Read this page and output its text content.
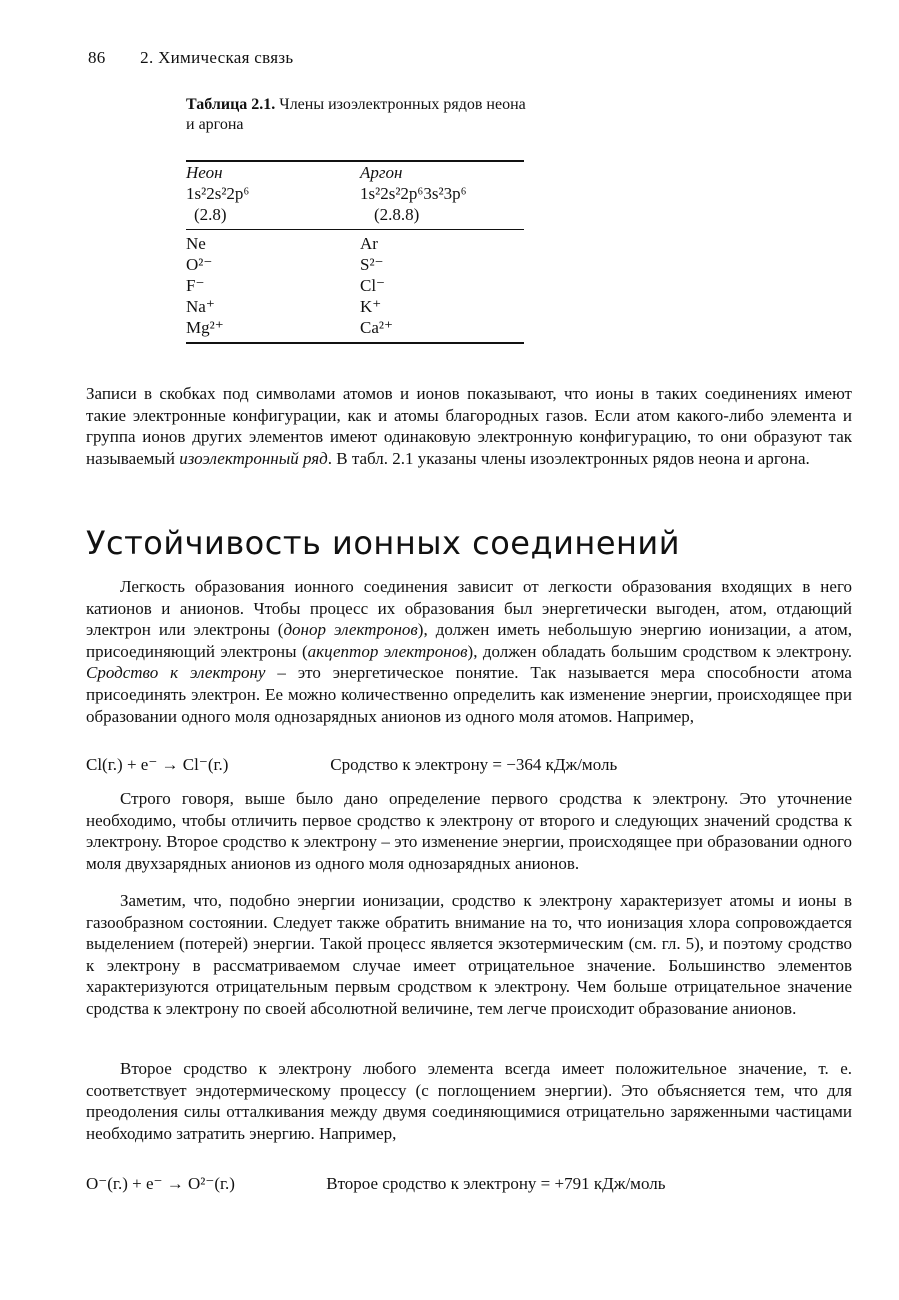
86 2. Химическая связь
Таблица 2.1. Члены изоэлектронных рядов неона и аргона
Неон	Аргон
1s²2s²2p⁶	1s²2s²2p⁶3s²3p⁶
(2.8)	(2.8.8)
Ne	Ar
O²⁻	S²⁻
F⁻	Cl⁻
Na⁺	K⁺
Mg²⁺	Ca²⁺

Записи в скобках под символами атомов и ионов показывают, что ионы в таких соединениях имеют такие электронные конфигурации, как и атомы благородных газов. Если атом какого-либо элемента и группа ионов других элементов имеют одинаковую электронную конфигурацию, то они образуют так называемый изоэлектронный ряд. В табл. 2.1 указаны члены изоэлектронных рядов неона и аргона.

Устойчивость ионных соединений

Легкость образования ионного соединения зависит от легкости образования входящих в него катионов и анионов. Чтобы процесс их образования был энергетически выгоден, атом, отдающий электрон или электроны (донор электронов), должен иметь небольшую энергию ионизации, а атом, присоединяющий электроны (акцептор электронов), должен обладать большим сродством к электрону. Сродство к электрону – это энергетическое понятие. Так называется мера способности атома присоединять электрон. Ее можно количественно определить как изменение энергии, происходящее при образовании одного моля однозарядных анионов из одного моля атомов. Например,

Cl(г.) + e⁻ → Cl⁻(г.)	Сродство к электрону = −364 кДж/моль

Строго говоря, выше было дано определение первого сродства к электрону. Это уточнение необходимо, чтобы отличить первое сродство к электрону от второго и следующих значений сродства к электрону. Второе сродство к электрону – это изменение энергии, происходящее при образовании одного моля двухзарядных анионов из одного моля однозарядных анионов.

Заметим, что, подобно энергии ионизации, сродство к электрону характеризует атомы и ионы в газообразном состоянии. Следует также обратить внимание на то, что ионизация хлора сопровождается выделением (потерей) энергии. Такой процесс является экзотермическим (см. гл. 5), и поэтому сродство к электрону в рассматриваемом случае имеет отрицательное значение. Большинство элементов характеризуются отрицательным первым сродством к электрону. Чем больше отрицательное значение сродства к электрону по своей абсолютной величине, тем легче происходит образование анионов.

Второе сродство к электрону любого элемента всегда имеет положительное значение, т. е. соответствует эндотермическому процессу (с поглощением энергии). Это объясняется тем, что для преодоления силы отталкивания между двумя соединяющимися отрицательно заряженными частицами необходимо затратить энергию. Например,

O⁻(г.) + e⁻ → O²⁻(г.)	Второе сродство к электрону = +791 кДж/моль
